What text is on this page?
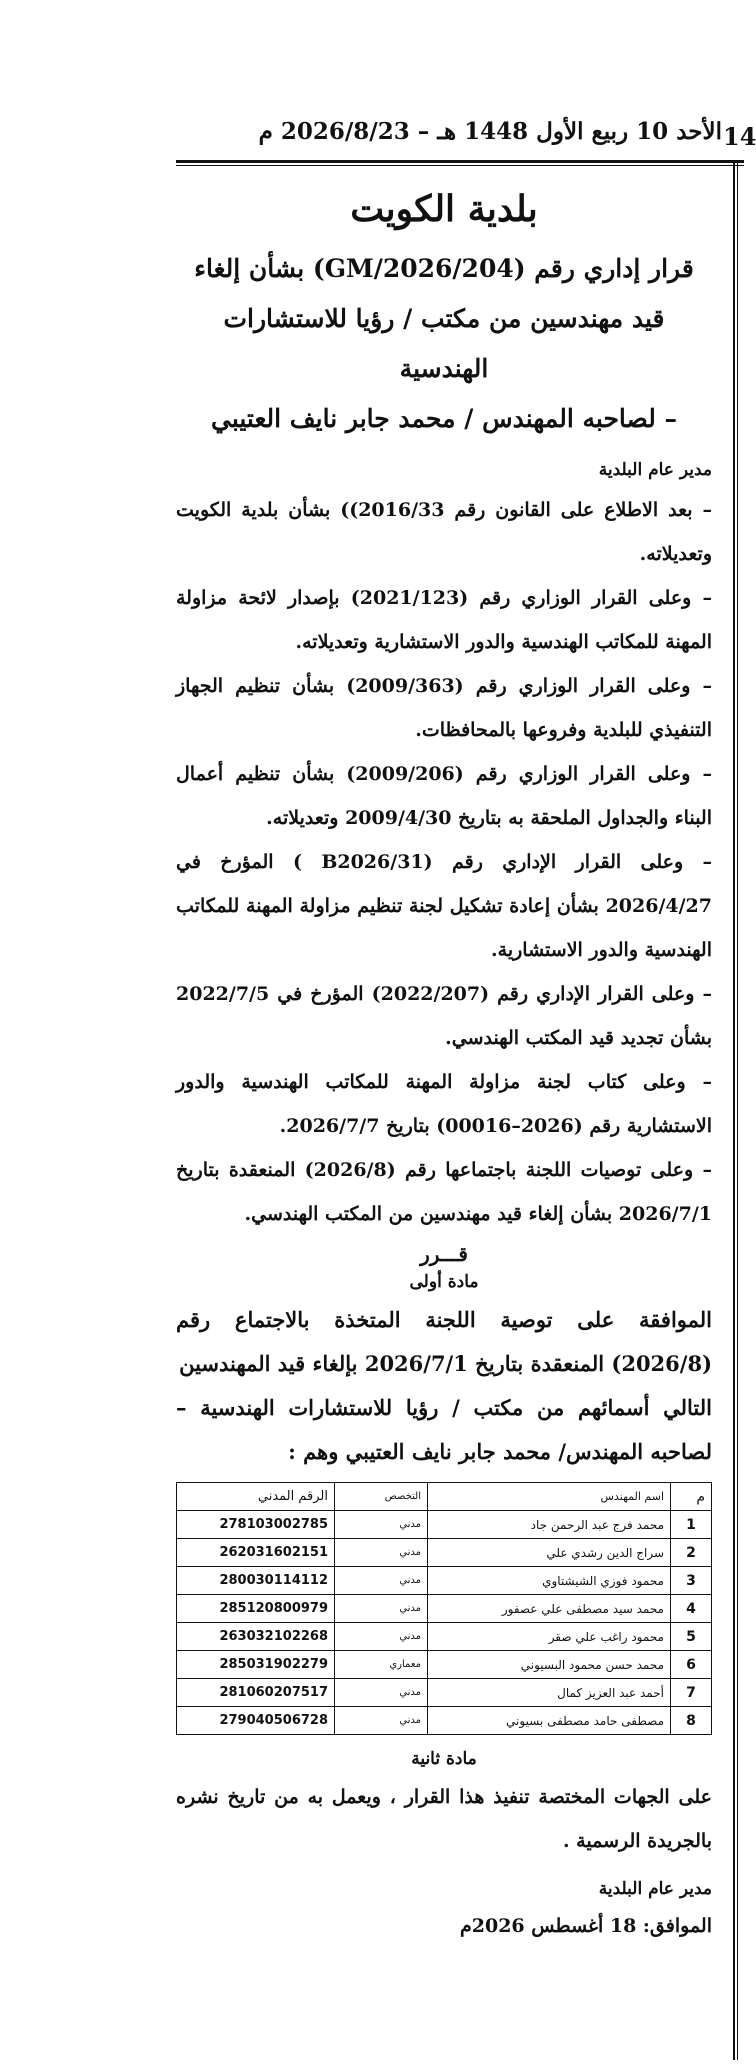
14
الأحد 10 ربيع الأول 1448 هـ – 2026/8/23 م
بلدية الكويت
قرار إداري رقم (GM/2026/204) بشأن إلغاء
قيد مهندسين من مكتب / رؤيا للاستشارات الهندسية
– لصاحبه المهندس / محمد جابر نايف العتيبي
مدير عام البلدية
– بعد الاطلاع على القانون رقم 2016/33)) بشأن بلدية الكويت وتعديلاته.
– وعلى القرار الوزاري رقم (2021/123) بإصدار لائحة مزاولة المهنة للمكاتب الهندسية والدور الاستشارية وتعديلاته.
– وعلى القرار الوزاري رقم (2009/363) بشأن تنظيم الجهاز التنفيذي للبلدية وفروعها بالمحافظات.
– وعلى القرار الوزاري رقم (2009/206) بشأن تنظيم أعمال البناء والجداول الملحقة به بتاريخ 2009/4/30 وتعديلاته.
– وعلى القرار الإداري رقم (B2026/31 ) المؤرخ في 2026/4/27 بشأن إعادة تشكيل لجنة تنظيم مزاولة المهنة للمكاتب الهندسية والدور الاستشارية.
– وعلى القرار الإداري رقم (2022/207) المؤرخ في 2022/7/5 بشأن تجديد قيد المكتب الهندسي.
– وعلى كتاب لجنة مزاولة المهنة للمكاتب الهندسية والدور الاستشارية رقم (2026–00016) بتاريخ 2026/7/7.
– وعلى توصيات اللجنة باجتماعها رقم (2026/8) المنعقدة بتاريخ 2026/7/1 بشأن إلغاء قيد مهندسين من المكتب الهندسي.
قـــرر
مادة أولى
الموافقة على توصية اللجنة المتخذة بالاجتماع رقم (2026/8) المنعقدة بتاريخ 2026/7/1 بإلغاء قيد المهندسين
التالي أسمائهم من مكتب / رؤيا للاستشارات الهندسية – لصاحبه المهندس/ محمد جابر نايف العتيبي وهم :
م	اسم المهندس	التخصص	الرقم المدني
1	محمد فرج عبد الرحمن جاد	مدني	278103002785
2	سراج الدين رشدي علي	مدني	262031602151
3	محمود فوزي الشيشتاوي	مدني	280030114112
4	محمد سيد مصطفى علي عصفور	مدني	285120800979
5	محمود راغب علي صقر	مدني	263032102268
6	محمد حسن محمود البسيوني	معماري	285031902279
7	أحمد عبد العزيز كمال	مدني	281060207517
8	مصطفى حامد مصطفى بسيوني	مدني	279040506728
مادة ثانية
على الجهات المختصة تنفيذ هذا القرار ، ويعمل به من تاريخ نشره بالجريدة الرسمية .
مدير عام البلدية
الموافق: 18 أغسطس 2026م
